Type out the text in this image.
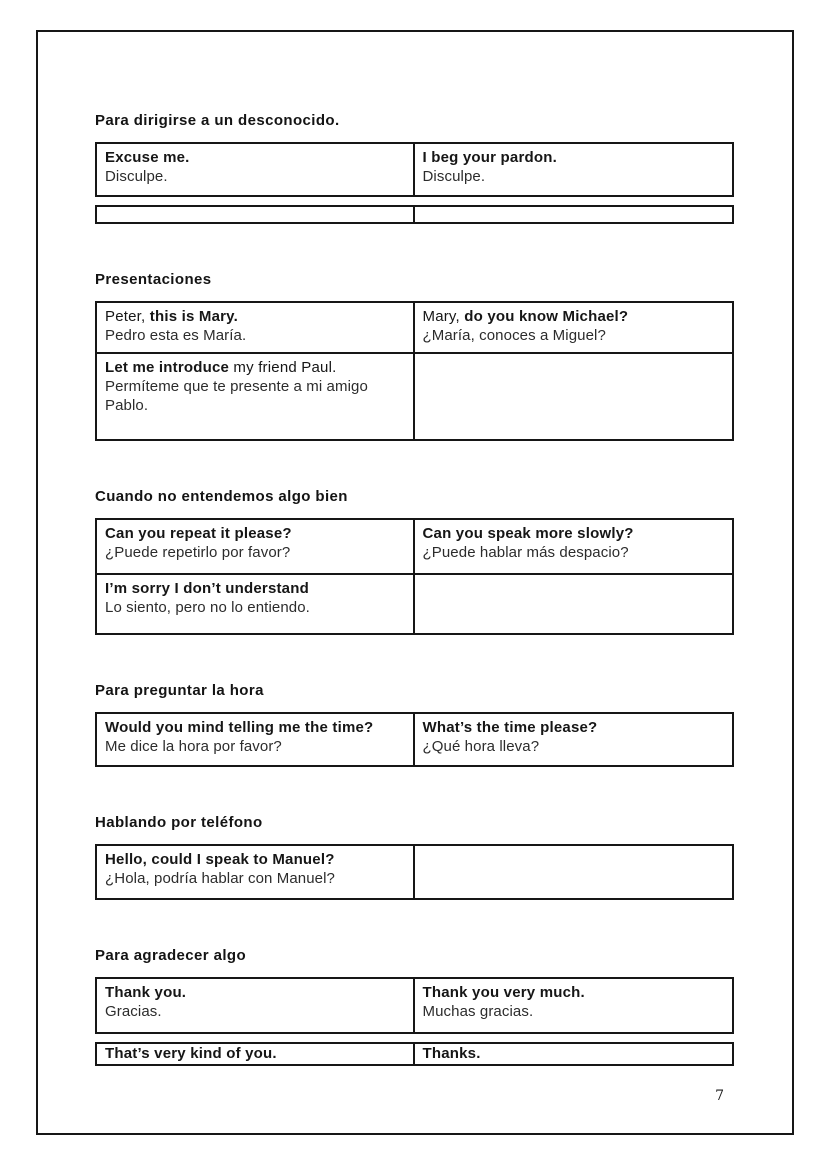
Para dirigirse a un desconocido.
Excuse me.
Disculpe.
I beg your pardon.
Disculpe.
Presentaciones
Peter, this is Mary.
Pedro esta es María.
Mary, do you know Michael?
¿María, conoces a Miguel?
Let me introduce my friend Paul.
Permíteme que te presente a mi amigo Pablo.
Cuando no entendemos algo bien
Can you repeat it please?
¿Puede repetirlo por favor?
Can you speak more slowly?
¿Puede hablar más despacio?
I’m sorry I don’t understand
Lo siento, pero no lo entiendo.
Para preguntar la hora
Would you mind telling me the time?
Me dice la hora por favor?
What’s the time please?
¿Qué hora lleva?
Hablando por teléfono
Hello, could I speak to Manuel?
¿Hola, podría hablar con Manuel?
Para agradecer algo
Thank you.
Gracias.
Thank you very much.
Muchas gracias.
That’s very kind of you.	Thanks.
7
